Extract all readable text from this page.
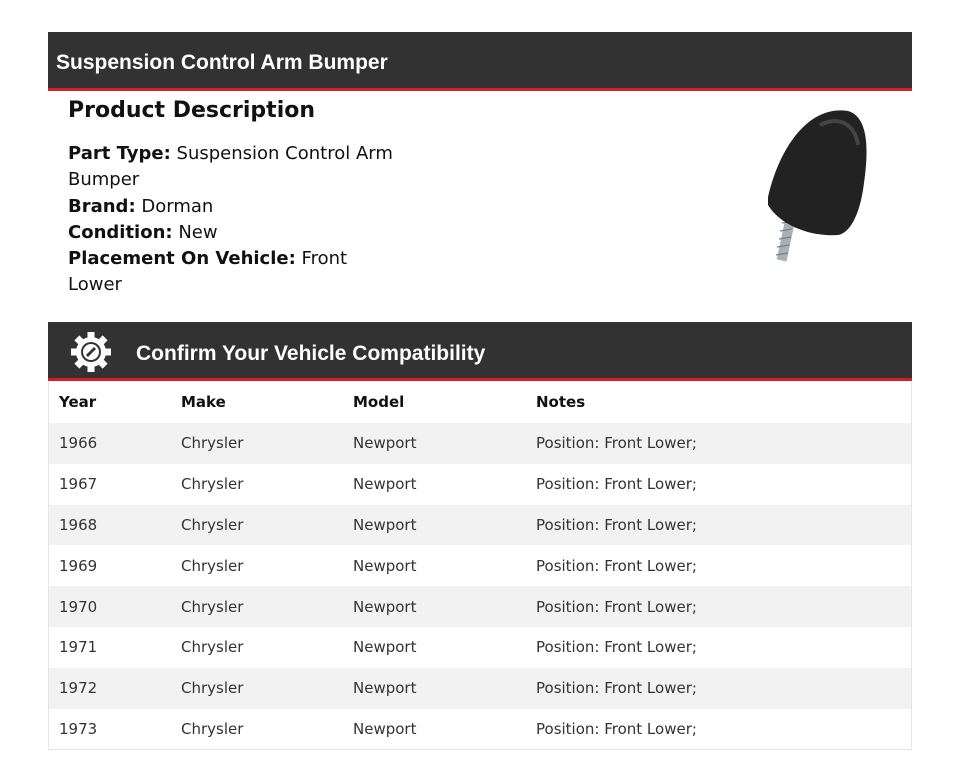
Suspension Control Arm Bumper
Product Description
Part Type: Suspension Control Arm Bumper
Brand: Dorman
Condition: New
Placement On Vehicle: Front Lower
Confirm Your Vehicle Compatibility
Year	Make	Model	Notes
1966	Chrysler	Newport	Position: Front Lower;
1967	Chrysler	Newport	Position: Front Lower;
1968	Chrysler	Newport	Position: Front Lower;
1969	Chrysler	Newport	Position: Front Lower;
1970	Chrysler	Newport	Position: Front Lower;
1971	Chrysler	Newport	Position: Front Lower;
1972	Chrysler	Newport	Position: Front Lower;
1973	Chrysler	Newport	Position: Front Lower;
